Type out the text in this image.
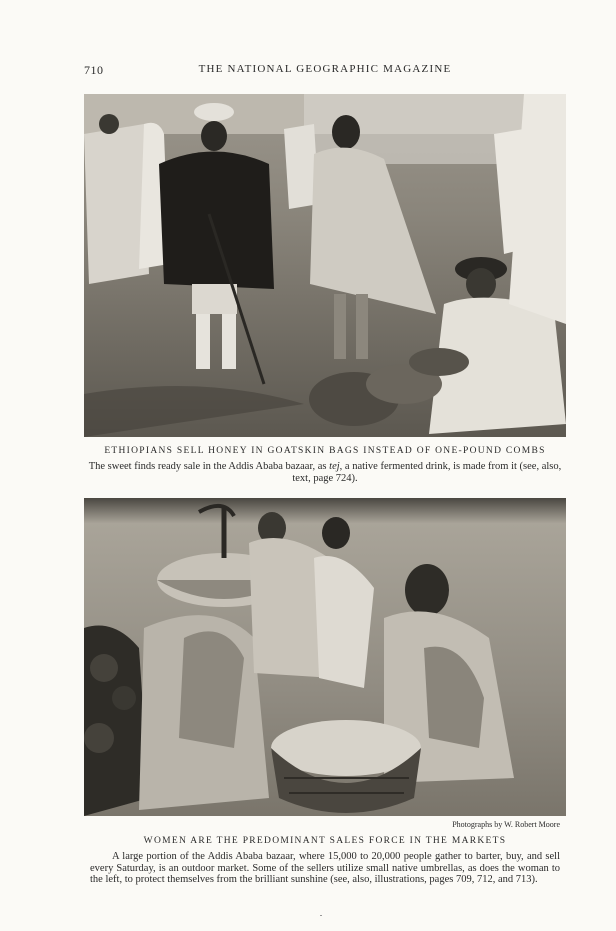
710	THE NATIONAL GEOGRAPHIC MAGAZINE
ETHIOPIANS SELL HONEY IN GOATSKIN BAGS INSTEAD OF ONE-POUND COMBS
The sweet finds ready sale in the Addis Ababa bazaar, as tej, a native fermented drink, is made from it (see, also, text, page 724).
Photographs by W. Robert Moore
WOMEN ARE THE PREDOMINANT SALES FORCE IN THE MARKETS
A large portion of the Addis Ababa bazaar, where 15,000 to 20,000 people gather to barter, buy, and sell every Saturday, is an outdoor market. Some of the sellers utilize small native umbrellas, as does the woman to the left, to protect themselves from the brilliant sunshine (see, also, illustrations, pages 709, 712, and 713).
